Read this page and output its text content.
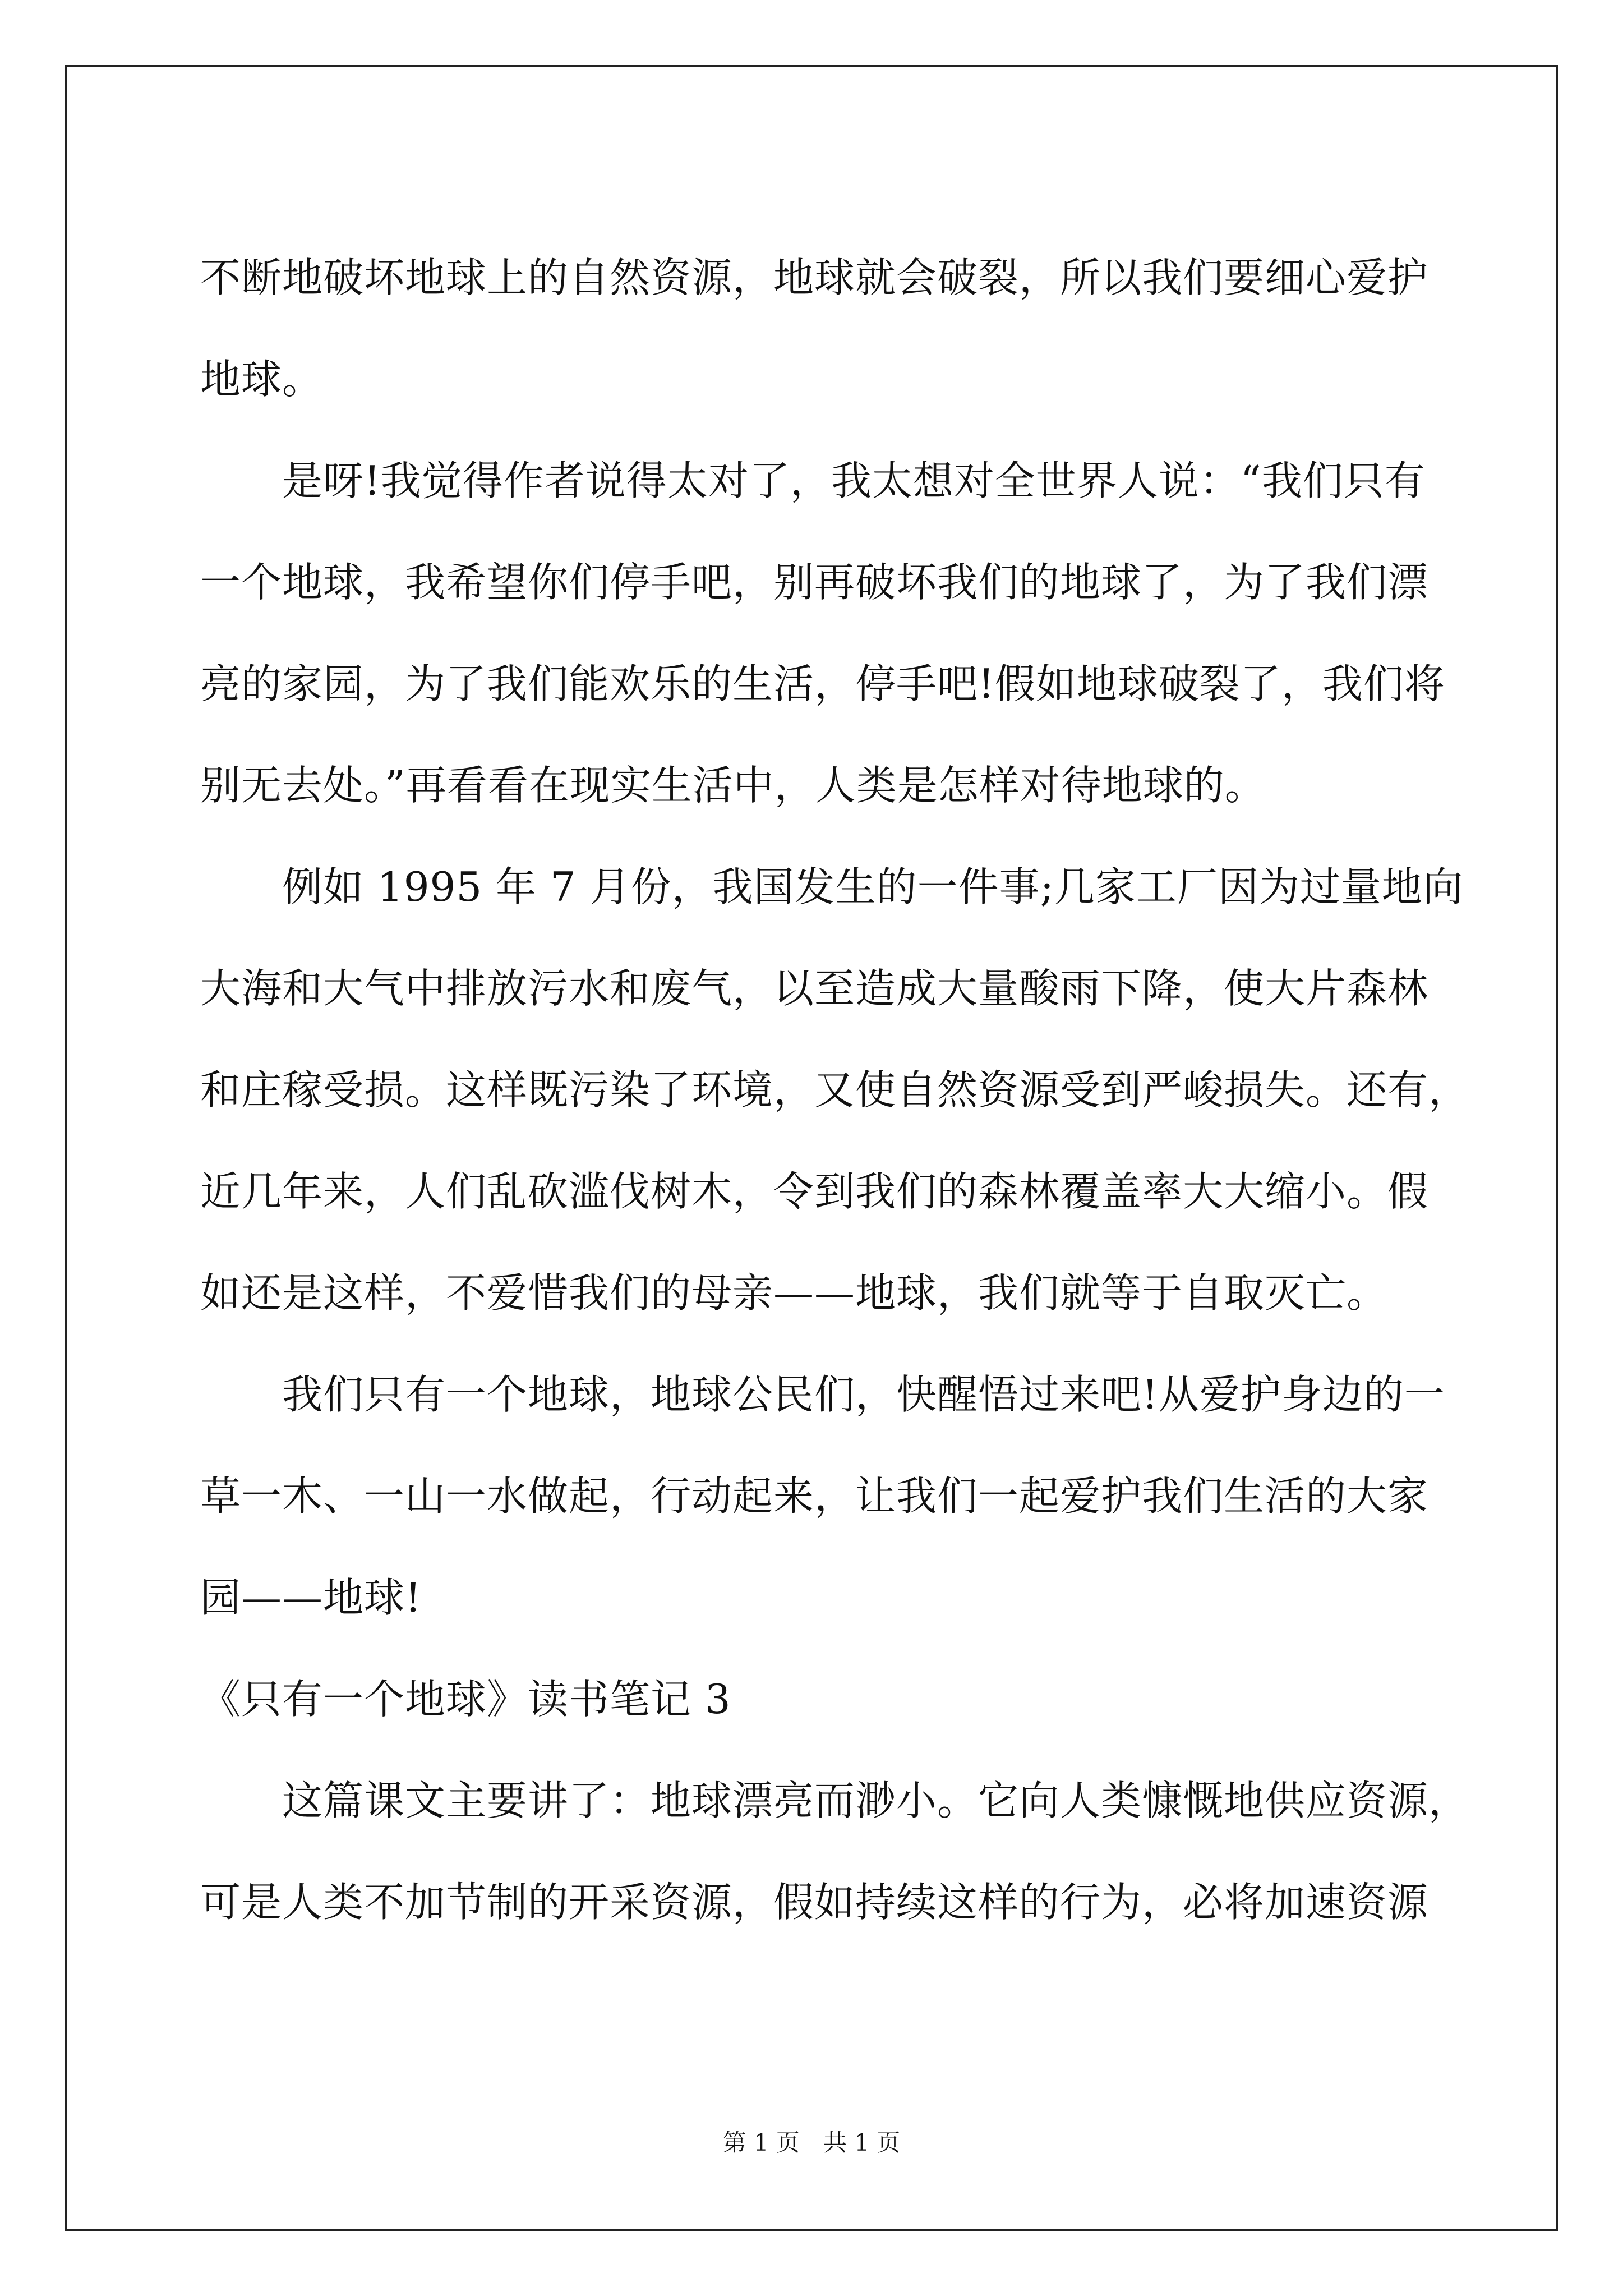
不断地破坏地球上的自然资源，地球就会破裂，所以我们要细心爱护
地球。
是呀!我觉得作者说得太对了，我太想对全世界人说：“我们只有
一个地球，我希望你们停手吧，别再破坏我们的地球了，为了我们漂
亮的家园，为了我们能欢乐的生活，停手吧!假如地球破裂了，我们将
别无去处。”再看看在现实生活中，人类是怎样对待地球的。
例如 1995 年 7 月份，我国发生的一件事;几家工厂因为过量地向
大海和大气中排放污水和废气，以至造成大量酸雨下降，使大片森林
和庄稼受损。这样既污染了环境，又使自然资源受到严峻损失。还有，
近几年来，人们乱砍滥伐树木，令到我们的森林覆盖率大大缩小。假
如还是这样，不爱惜我们的母亲——地球，我们就等于自取灭亡。
我们只有一个地球，地球公民们，快醒悟过来吧!从爱护身边的一
草一木、一山一水做起，行动起来，让我们一起爱护我们生活的大家
园——地球!
《只有一个地球》读书笔记 3
这篇课文主要讲了：地球漂亮而渺小。它向人类慷慨地供应资源，
可是人类不加节制的开采资源，假如持续这样的行为，必将加速资源
第 1 页　共 1 页
